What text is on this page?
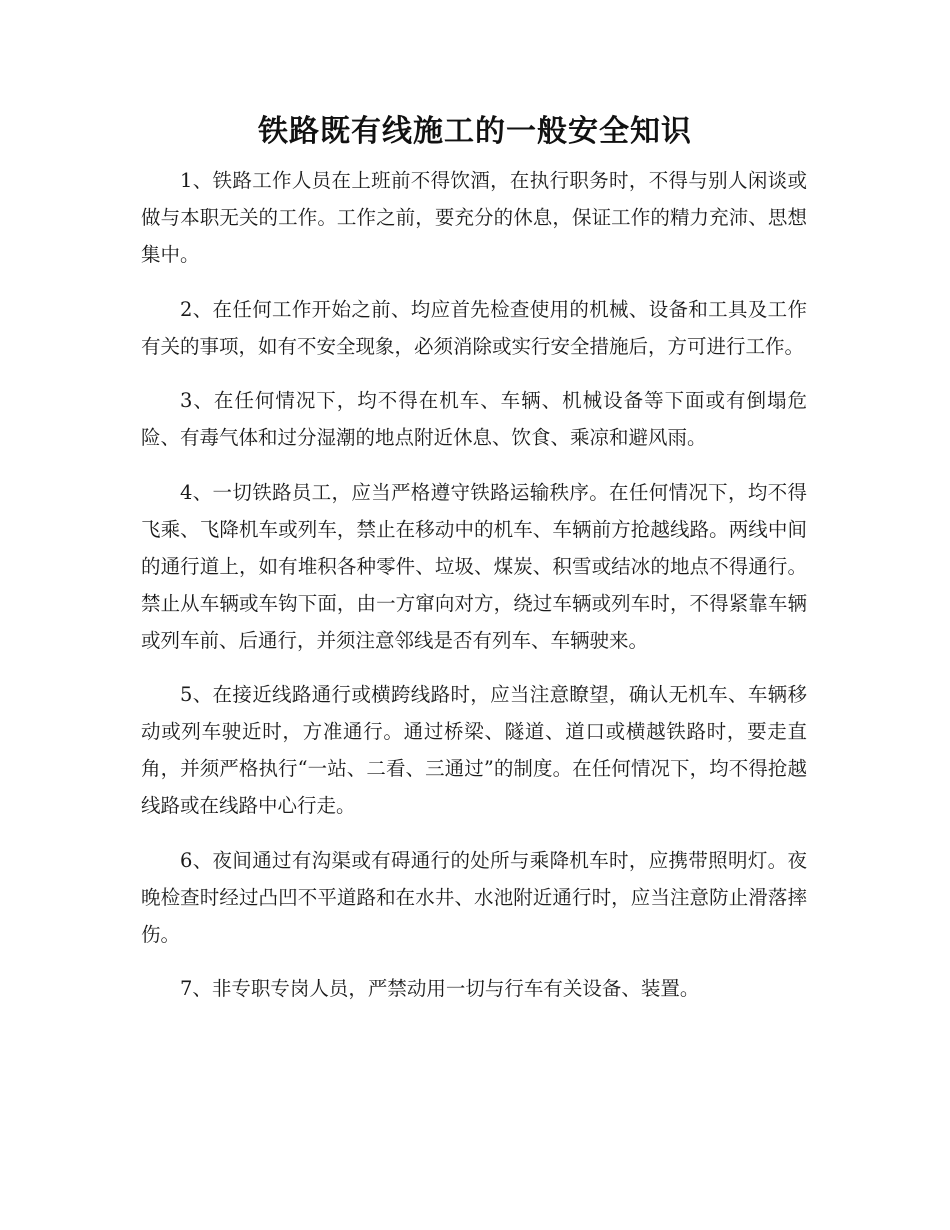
铁路既有线施工的一般安全知识

1、铁路工作人员在上班前不得饮酒，在执行职务时，不得与别人闲谈或做与本职无关的工作。工作之前，要充分的休息，保证工作的精力充沛、思想集中。

2、在任何工作开始之前、均应首先检查使用的机械、设备和工具及工作有关的事项，如有不安全现象，必须消除或实行安全措施后，方可进行工作。

3、在任何情况下，均不得在机车、车辆、机械设备等下面或有倒塌危险、有毒气体和过分湿潮的地点附近休息、饮食、乘凉和避风雨。

4、一切铁路员工，应当严格遵守铁路运输秩序。在任何情况下，均不得飞乘、飞降机车或列车，禁止在移动中的机车、车辆前方抢越线路。两线中间的通行道上，如有堆积各种零件、垃圾、煤炭、积雪或结冰的地点不得通行。禁止从车辆或车钩下面，由一方窜向对方，绕过车辆或列车时，不得紧靠车辆或列车前、后通行，并须注意邻线是否有列车、车辆驶来。

5、在接近线路通行或横跨线路时，应当注意瞭望，确认无机车、车辆移动或列车驶近时，方准通行。通过桥梁、隧道、道口或横越铁路时，要走直角，并须严格执行“一站、二看、三通过”的制度。在任何情况下，均不得抢越线路或在线路中心行走。

6、夜间通过有沟渠或有碍通行的处所与乘降机车时，应携带照明灯。夜晚检查时经过凸凹不平道路和在水井、水池附近通行时，应当注意防止滑落摔伤。

7、非专职专岗人员，严禁动用一切与行车有关设备、装置。
